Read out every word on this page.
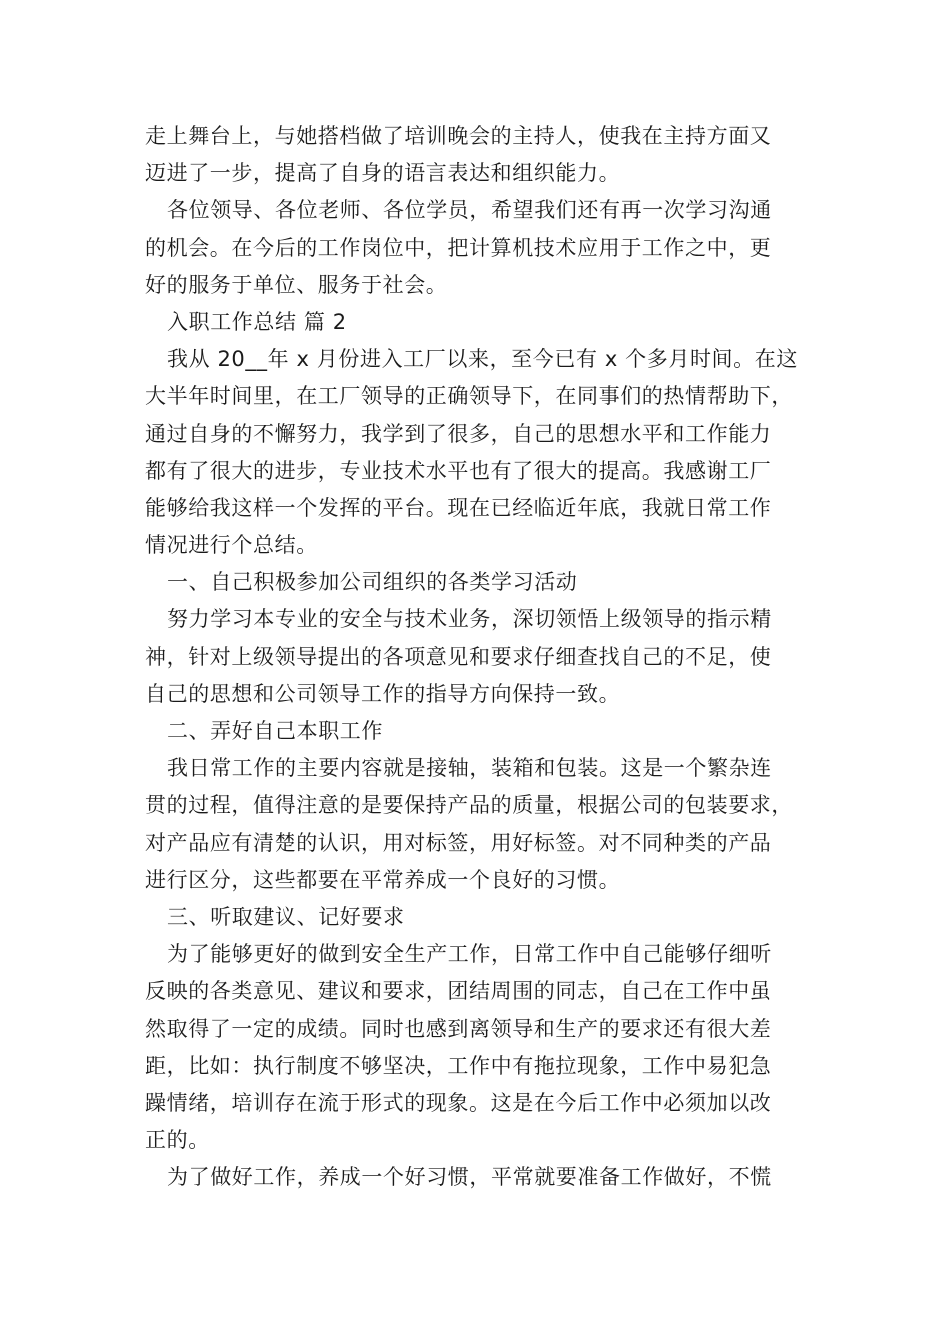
走上舞台上，与她搭档做了培训晚会的主持人，使我在主持方面又
迈进了一步，提高了自身的语言表达和组织能力。
各位领导、各位老师、各位学员，希望我们还有再一次学习沟通
的机会。在今后的工作岗位中，把计算机技术应用于工作之中，更
好的服务于单位、服务于社会。
入职工作总结 篇 2
我从 20__年 x 月份进入工厂以来，至今已有 x 个多月时间。在这
大半年时间里，在工厂领导的正确领导下，在同事们的热情帮助下，
通过自身的不懈努力，我学到了很多，自己的思想水平和工作能力
都有了很大的进步，专业技术水平也有了很大的提高。我感谢工厂
能够给我这样一个发挥的平台。现在已经临近年底，我就日常工作
情况进行个总结。
一、自己积极参加公司组织的各类学习活动
努力学习本专业的安全与技术业务，深切领悟上级领导的指示精
神，针对上级领导提出的各项意见和要求仔细查找自己的不足，使
自己的思想和公司领导工作的指导方向保持一致。
二、弄好自己本职工作
我日常工作的主要内容就是接轴，装箱和包装。这是一个繁杂连
贯的过程，值得注意的是要保持产品的质量，根据公司的包装要求，
对产品应有清楚的认识，用对标签，用好标签。对不同种类的产品
进行区分，这些都要在平常养成一个良好的习惯。
三、听取建议、记好要求
为了能够更好的做到安全生产工作，日常工作中自己能够仔细听
反映的各类意见、建议和要求，团结周围的同志，自己在工作中虽
然取得了一定的成绩。同时也感到离领导和生产的要求还有很大差
距，比如：执行制度不够坚决，工作中有拖拉现象，工作中易犯急
躁情绪，培训存在流于形式的现象。这是在今后工作中必须加以改
正的。
为了做好工作，养成一个好习惯，平常就要准备工作做好，不慌
